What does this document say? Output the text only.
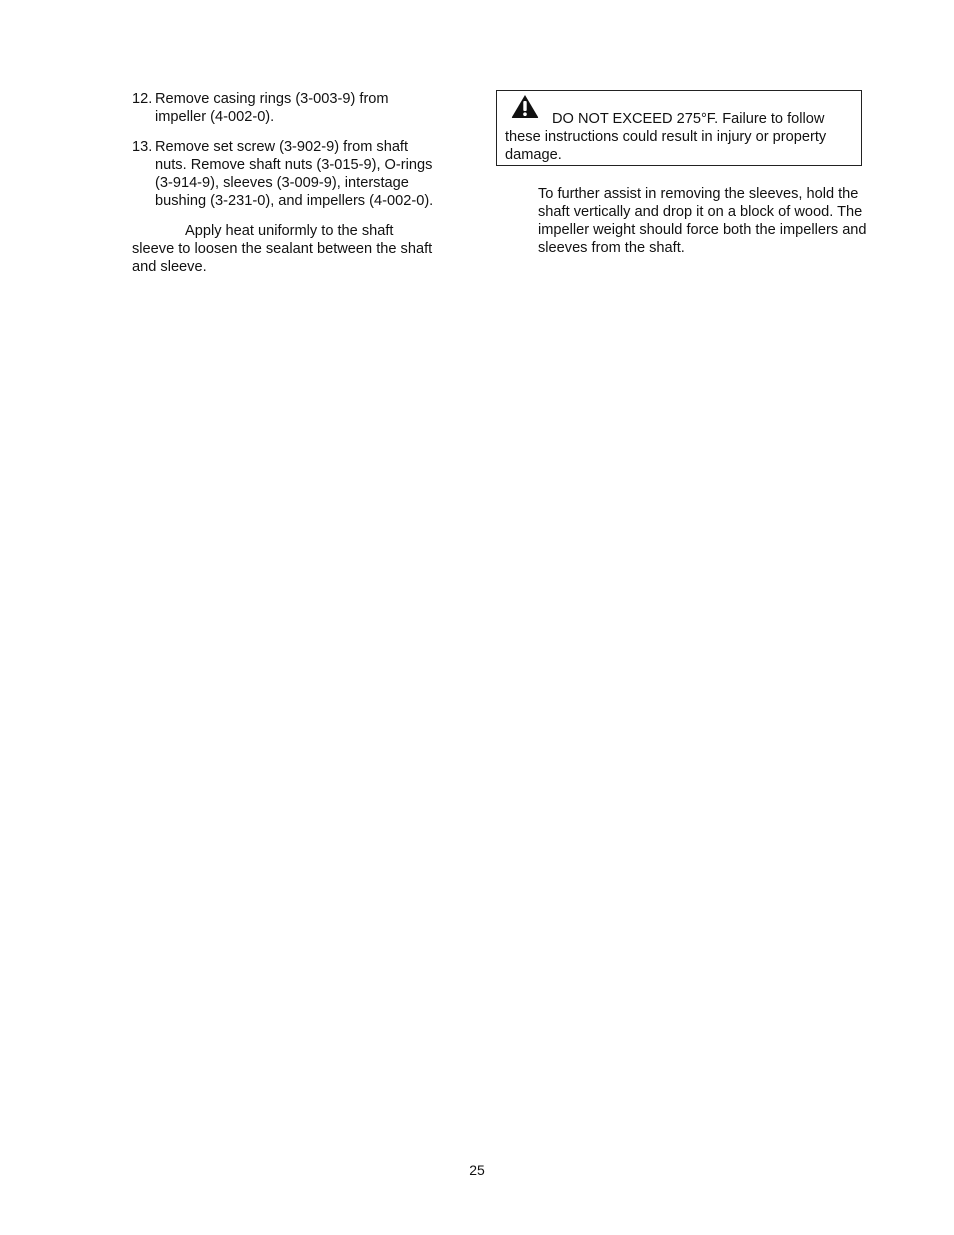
12. Remove casing rings (3-003-9) from impeller (4-002-0).
13. Remove set screw (3-902-9) from shaft nuts. Remove shaft nuts (3-015-9), O-rings (3-914-9), sleeves (3-009-9), interstage bushing (3-231-0), and impellers (4-002-0).

Apply heat uniformly to the shaft sleeve to loosen the sealant between the shaft and sleeve.

DO NOT EXCEED 275°F. Failure to follow these instructions could result in injury or property damage.

To further assist in removing the sleeves, hold the shaft vertically and drop it on a block of wood. The impeller weight should force both the impellers and sleeves from the shaft.

25
